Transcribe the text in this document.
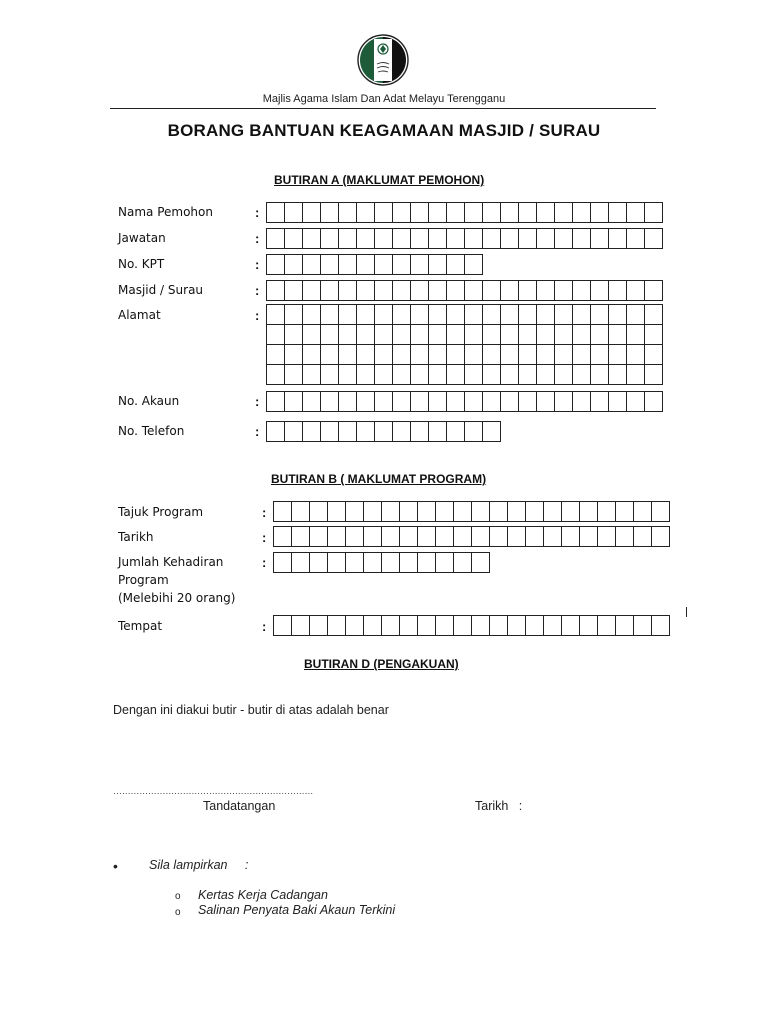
Majlis Agama Islam Dan Adat Melayu Terengganu
BORANG BANTUAN KEAGAMAAN MASJID / SURAU
BUTIRAN A (MAKLUMAT PEMOHON)
Nama Pemohon	:
Jawatan	:
No. KPT	:
Masjid / Surau	:
Alamat	:
No. Akaun	:
No. Telefon	:
BUTIRAN B ( MAKLUMAT PROGRAM)
Tajuk Program	:
Tarikh	:
Jumlah Kehadiran
Program
(Melebihi 20 orang)
:
Tempat	:
BUTIRAN D (PENGAKUAN)
Dengan ini diakui butir - butir di atas adalah benar
……………………………………………………………
Tandatangan	Tarikh   :
• Sila lampirkan     :
o Kertas Kerja Cadangan
o Salinan Penyata Baki Akaun Terkini
